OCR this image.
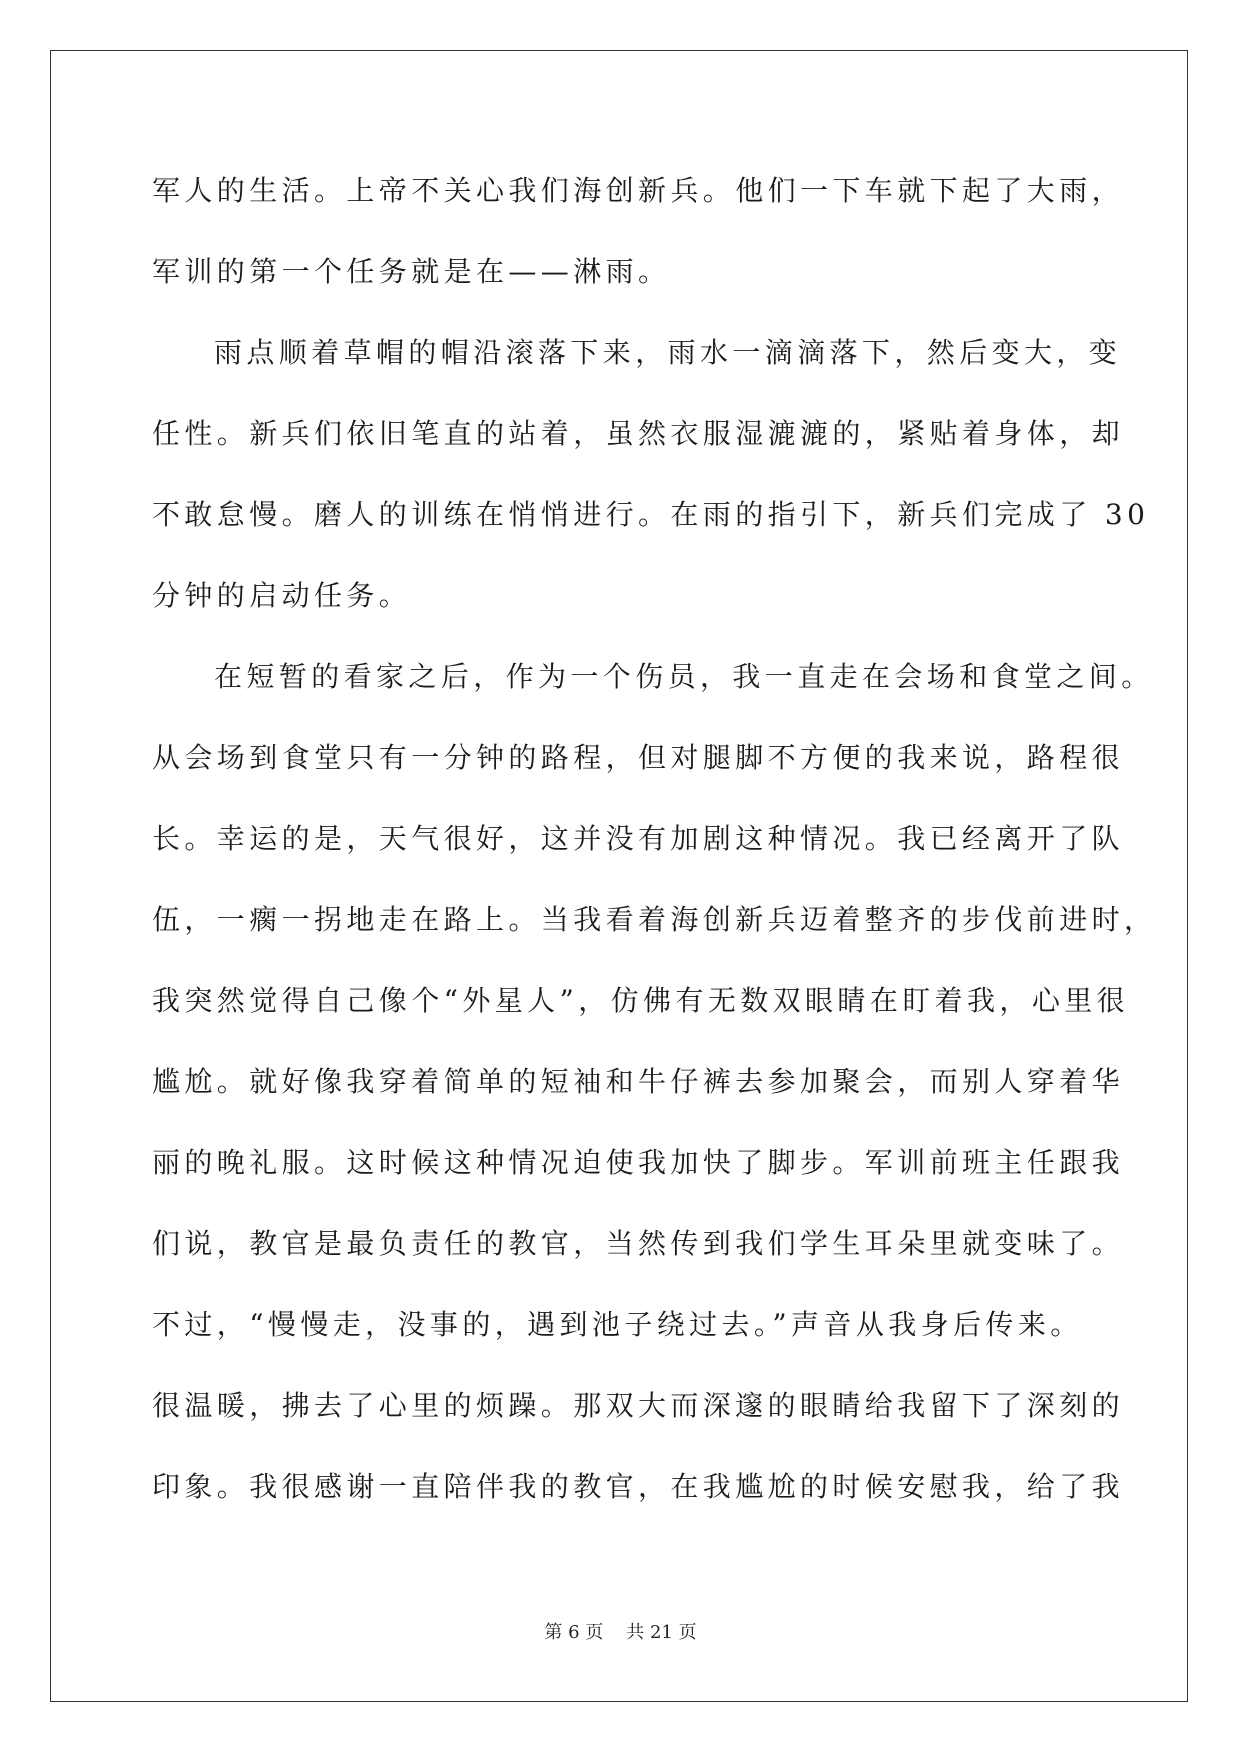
军人的生活。上帝不关心我们海创新兵。他们一下车就下起了大雨，
军训的第一个任务就是在——淋雨。
雨点顺着草帽的帽沿滚落下来，雨水一滴滴落下，然后变大，变
任性。新兵们依旧笔直的站着，虽然衣服湿漉漉的，紧贴着身体，却
不敢怠慢。磨人的训练在悄悄进行。在雨的指引下，新兵们完成了 30
分钟的启动任务。
在短暂的看家之后，作为一个伤员，我一直走在会场和食堂之间。
从会场到食堂只有一分钟的路程，但对腿脚不方便的我来说，路程很
长。幸运的是，天气很好，这并没有加剧这种情况。我已经离开了队
伍，一瘸一拐地走在路上。当我看着海创新兵迈着整齐的步伐前进时，
我突然觉得自己像个“外星人”，仿佛有无数双眼睛在盯着我，心里很
尴尬。就好像我穿着简单的短袖和牛仔裤去参加聚会，而别人穿着华
丽的晚礼服。这时候这种情况迫使我加快了脚步。军训前班主任跟我
们说，教官是最负责任的教官，当然传到我们学生耳朵里就变味了。
不过，“慢慢走，没事的，遇到池子绕过去。”声音从我身后传来。
很温暖，拂去了心里的烦躁。那双大而深邃的眼睛给我留下了深刻的
印象。我很感谢一直陪伴我的教官，在我尴尬的时候安慰我，给了我
第 6 页 共 21 页
